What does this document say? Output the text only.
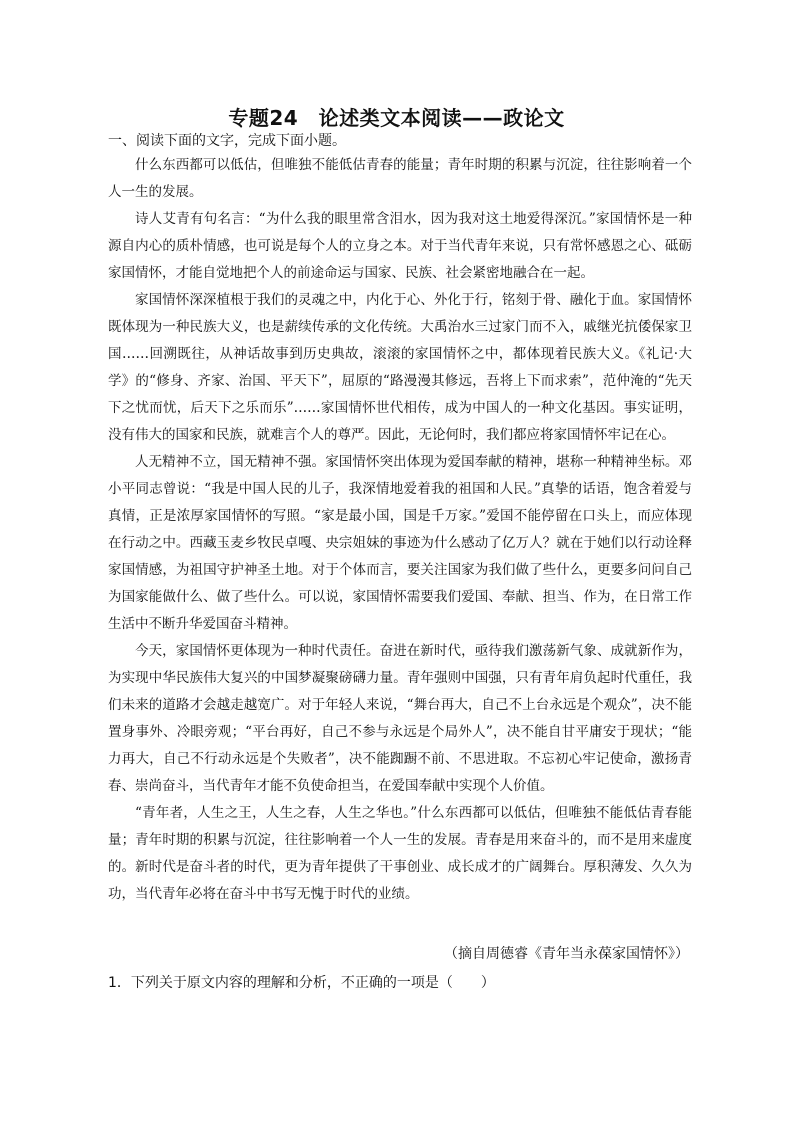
专题24　论述类文本阅读——政论文
一、阅读下面的文字，完成下面小题。

什么东西都可以低估，但唯独不能低估青春的能量；青年时期的积累与沉淀，往往影响着一个人一生的发展。

诗人艾青有句名言：“为什么我的眼里常含泪水，因为我对这土地爱得深沉。”家国情怀是一种源自内心的质朴情感，也可说是每个人的立身之本。对于当代青年来说，只有常怀感恩之心、砥砺家国情怀，才能自觉地把个人的前途命运与国家、民族、社会紧密地融合在一起。

家国情怀深深植根于我们的灵魂之中，内化于心、外化于行，铭刻于骨、融化于血。家国情怀既体现为一种民族大义，也是薪续传承的文化传统。大禹治水三过家门而不入，戚继光抗倭保家卫国……回溯既往，从神话故事到历史典故，滚滚的家国情怀之中，都体现着民族大义。《礼记·大学》的“修身、齐家、治国、平天下”，屈原的“路漫漫其修远，吾将上下而求索”，范仲淹的“先天下之忧而忧，后天下之乐而乐”……家国情怀世代相传，成为中国人的一种文化基因。事实证明，没有伟大的国家和民族，就难言个人的尊严。因此，无论何时，我们都应将家国情怀牢记在心。

人无精神不立，国无精神不强。家国情怀突出体现为爱国奉献的精神，堪称一种精神坐标。邓小平同志曾说：“我是中国人民的儿子，我深情地爱着我的祖国和人民。”真挚的话语，饱含着爱与真情，正是浓厚家国情怀的写照。“家是最小国，国是千万家。”爱国不能停留在口头上，而应体现在行动之中。西藏玉麦乡牧民卓嘎、央宗姐妹的事迹为什么感动了亿万人？就在于她们以行动诠释家国情感，为祖国守护神圣土地。对于个体而言，要关注国家为我们做了些什么，更要多问问自己为国家能做什么、做了些什么。可以说，家国情怀需要我们爱国、奉献、担当、作为，在日常工作生活中不断升华爱国奋斗精神。

今天，家国情怀更体现为一种时代责任。奋进在新时代，亟待我们激荡新气象、成就新作为，为实现中华民族伟大复兴的中国梦凝聚磅礴力量。青年强则中国强，只有青年肩负起时代重任，我们未来的道路才会越走越宽广。对于年轻人来说，“舞台再大，自己不上台永远是个观众”，决不能置身事外、冷眼旁观；“平台再好，自己不参与永远是个局外人”，决不能自甘平庸安于现状；“能力再大，自己不行动永远是个失败者”，决不能踟蹰不前、不思进取。不忘初心牢记使命，激扬青春、崇尚奋斗，当代青年才能不负使命担当，在爱国奉献中实现个人价值。

“青年者，人生之王，人生之春，人生之华也。”什么东西都可以低估，但唯独不能低估青春能量；青年时期的积累与沉淀，往往影响着一个人一生的发展。青春是用来奋斗的，而不是用来虚度的。新时代是奋斗者的时代，更为青年提供了干事创业、成长成才的广阔舞台。厚积薄发、久久为功，当代青年必将在奋斗中书写无愧于时代的业绩。

（摘自周德睿《青年当永葆家国情怀》）
1．下列关于原文内容的理解和分析，不正确的一项是（　　）
